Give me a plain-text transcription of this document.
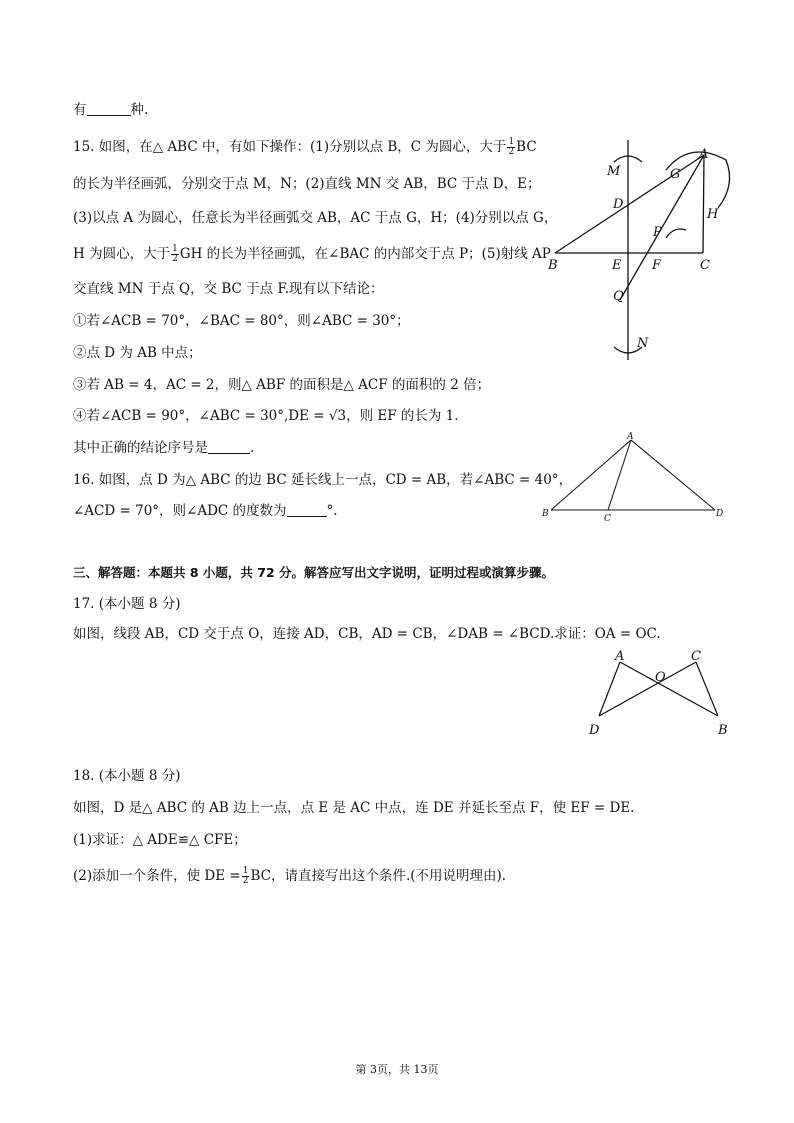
有	种.
15. 如图，在△ ABC 中，有如下操作：(1)分别以点 B，C 为圆心，大于 $\frac{1}{2}$ BC
的长为半径画弧，分别交于点 M，N；(2)直线 MN 交 AB，BC 于点 D，E；
(3)以点 A 为圆心，任意长为半径画弧交 AB，AC 于点 G，H；(4)分别以点 G，
H 为圆心，大于 $\frac{1}{2}$ GH 的长为半径画弧，在∠BAC 的内部交于点 P；(5)射线 AP
交直线 MN 于点 Q，交 BC 于点 F.现有以下结论：
①若∠ACB = 70°，∠BAC = 80°，则∠ABC = 30°；
②点 D 为 AB 中点；
③若 AB = 4，AC = 2，则△ ABF 的面积是△ ACF 的面积的 2 倍；
④若∠ACB = 90°，∠ABC = 30°,DE = √3，则 EF 的长为 1.
其中正确的结论序号是	.
A
M	G
D
H
P
B	E F	C
Q
N
16. 如图，点 D 为△ ABC 的边 BC 延长线上一点，CD = AB，若∠ABC = 40°，
∠ACD = 70°，则∠ADC 的度数为	°.
A
B	C	D
三、解答题：本题共 8 小题，共 72 分。解答应写出文字说明，证明过程或演算步骤。
17. (本小题 8 分)
如图，线段 AB，CD 交于点 O，连接 AD，CB，AD = CB，∠DAB = ∠BCD.求证：OA = OC.
A
O
C
D	B
18. (本小题 8 分)
如图，D 是△ ABC 的 AB 边上一点，点 E 是 AC 中点，连 DE 并延长至点 F，使 EF = DE.
(1)求证：△ ADE≌△ CFE；
(2)添加一个条件，使 DE = $\frac{1}{2}$ BC，请直接写出这个条件.(不用说明理由).
第 3页，共 13页
